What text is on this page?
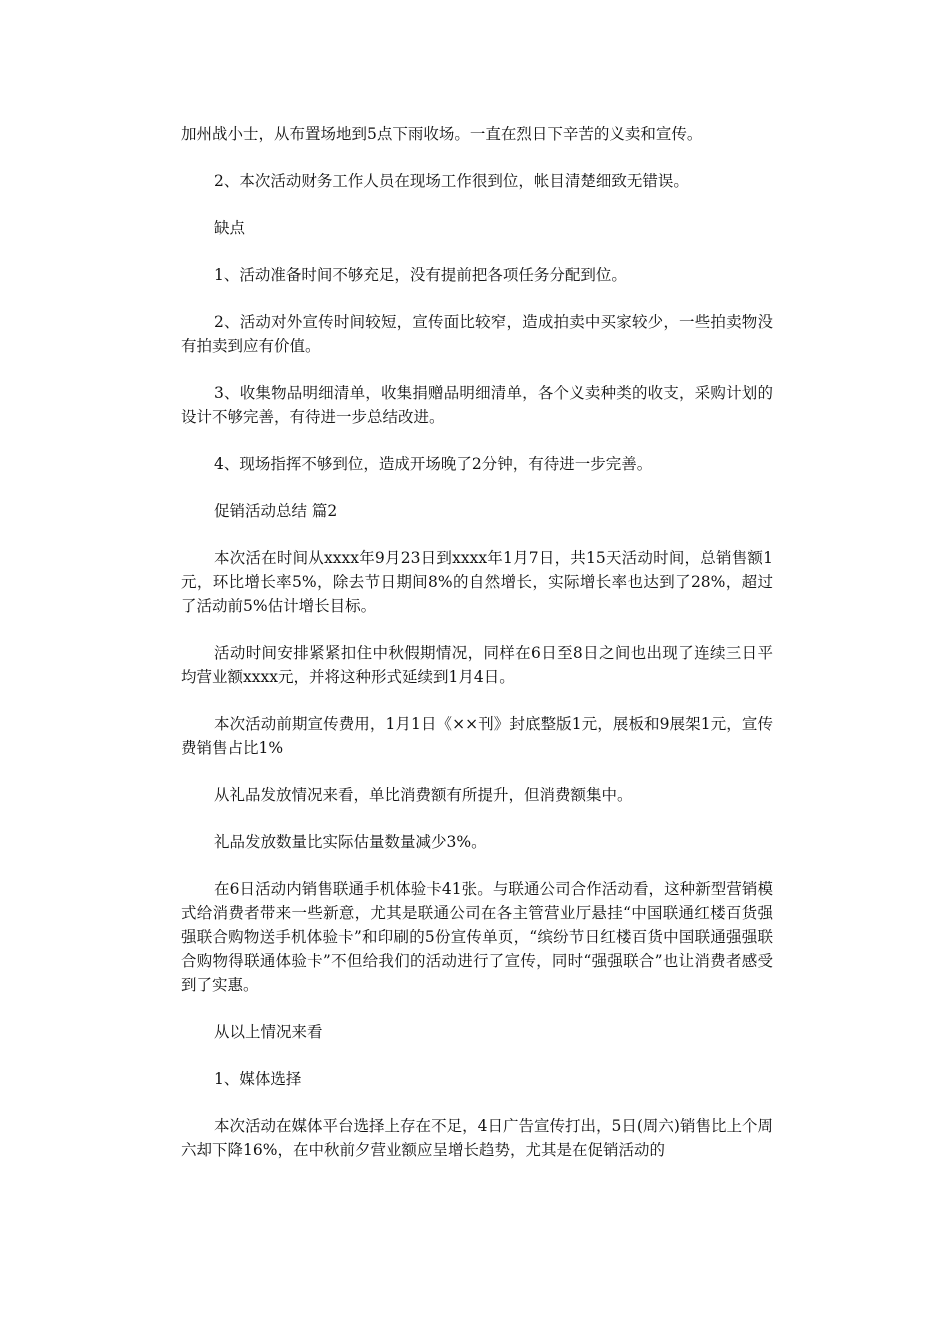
加州战小士，从布置场地到5点下雨收场。一直在烈日下辛苦的义卖和宣传。

2、本次活动财务工作人员在现场工作很到位，帐目清楚细致无错误。

缺点

1、活动准备时间不够充足，没有提前把各项任务分配到位。

2、活动对外宣传时间较短，宣传面比较窄，造成拍卖中买家较少，一些拍卖物没有拍卖到应有价值。

3、收集物品明细清单，收集捐赠品明细清单，各个义卖种类的收支，采购计划的设计不够完善，有待进一步总结改进。

4、现场指挥不够到位，造成开场晚了2分钟，有待进一步完善。

促销活动总结 篇2

本次活在时间从xxxx年9月23日到xxxx年1月7日，共15天活动时间，总销售额1元，环比增长率5%，除去节日期间8%的自然增长，实际增长率也达到了28%，超过了活动前5%估计增长目标。

活动时间安排紧紧扣住中秋假期情况，同样在6日至8日之间也出现了连续三日平均营业额xxxx元，并将这种形式延续到1月4日。

本次活动前期宣传费用，1月1日《××刊》封底整版1元，展板和9展架1元，宣传费销售占比1%

从礼品发放情况来看，单比消费额有所提升，但消费额集中。

礼品发放数量比实际估量数量减少3%。

在6日活动内销售联通手机体验卡41张。与联通公司合作活动看，这种新型营销模式给消费者带来一些新意，尤其是联通公司在各主管营业厅悬挂“中国联通红楼百货强强联合购物送手机体验卡”和印刷的5份宣传单页，“缤纷节日红楼百货中国联通强强联合购物得联通体验卡”不但给我们的活动进行了宣传，同时“强强联合”也让消费者感受到了实惠。

从以上情况来看

1、媒体选择

本次活动在媒体平台选择上存在不足，4日广告宣传打出，5日(周六)销售比上个周六却下降16%，在中秋前夕营业额应呈增长趋势，尤其是在促销活动的
